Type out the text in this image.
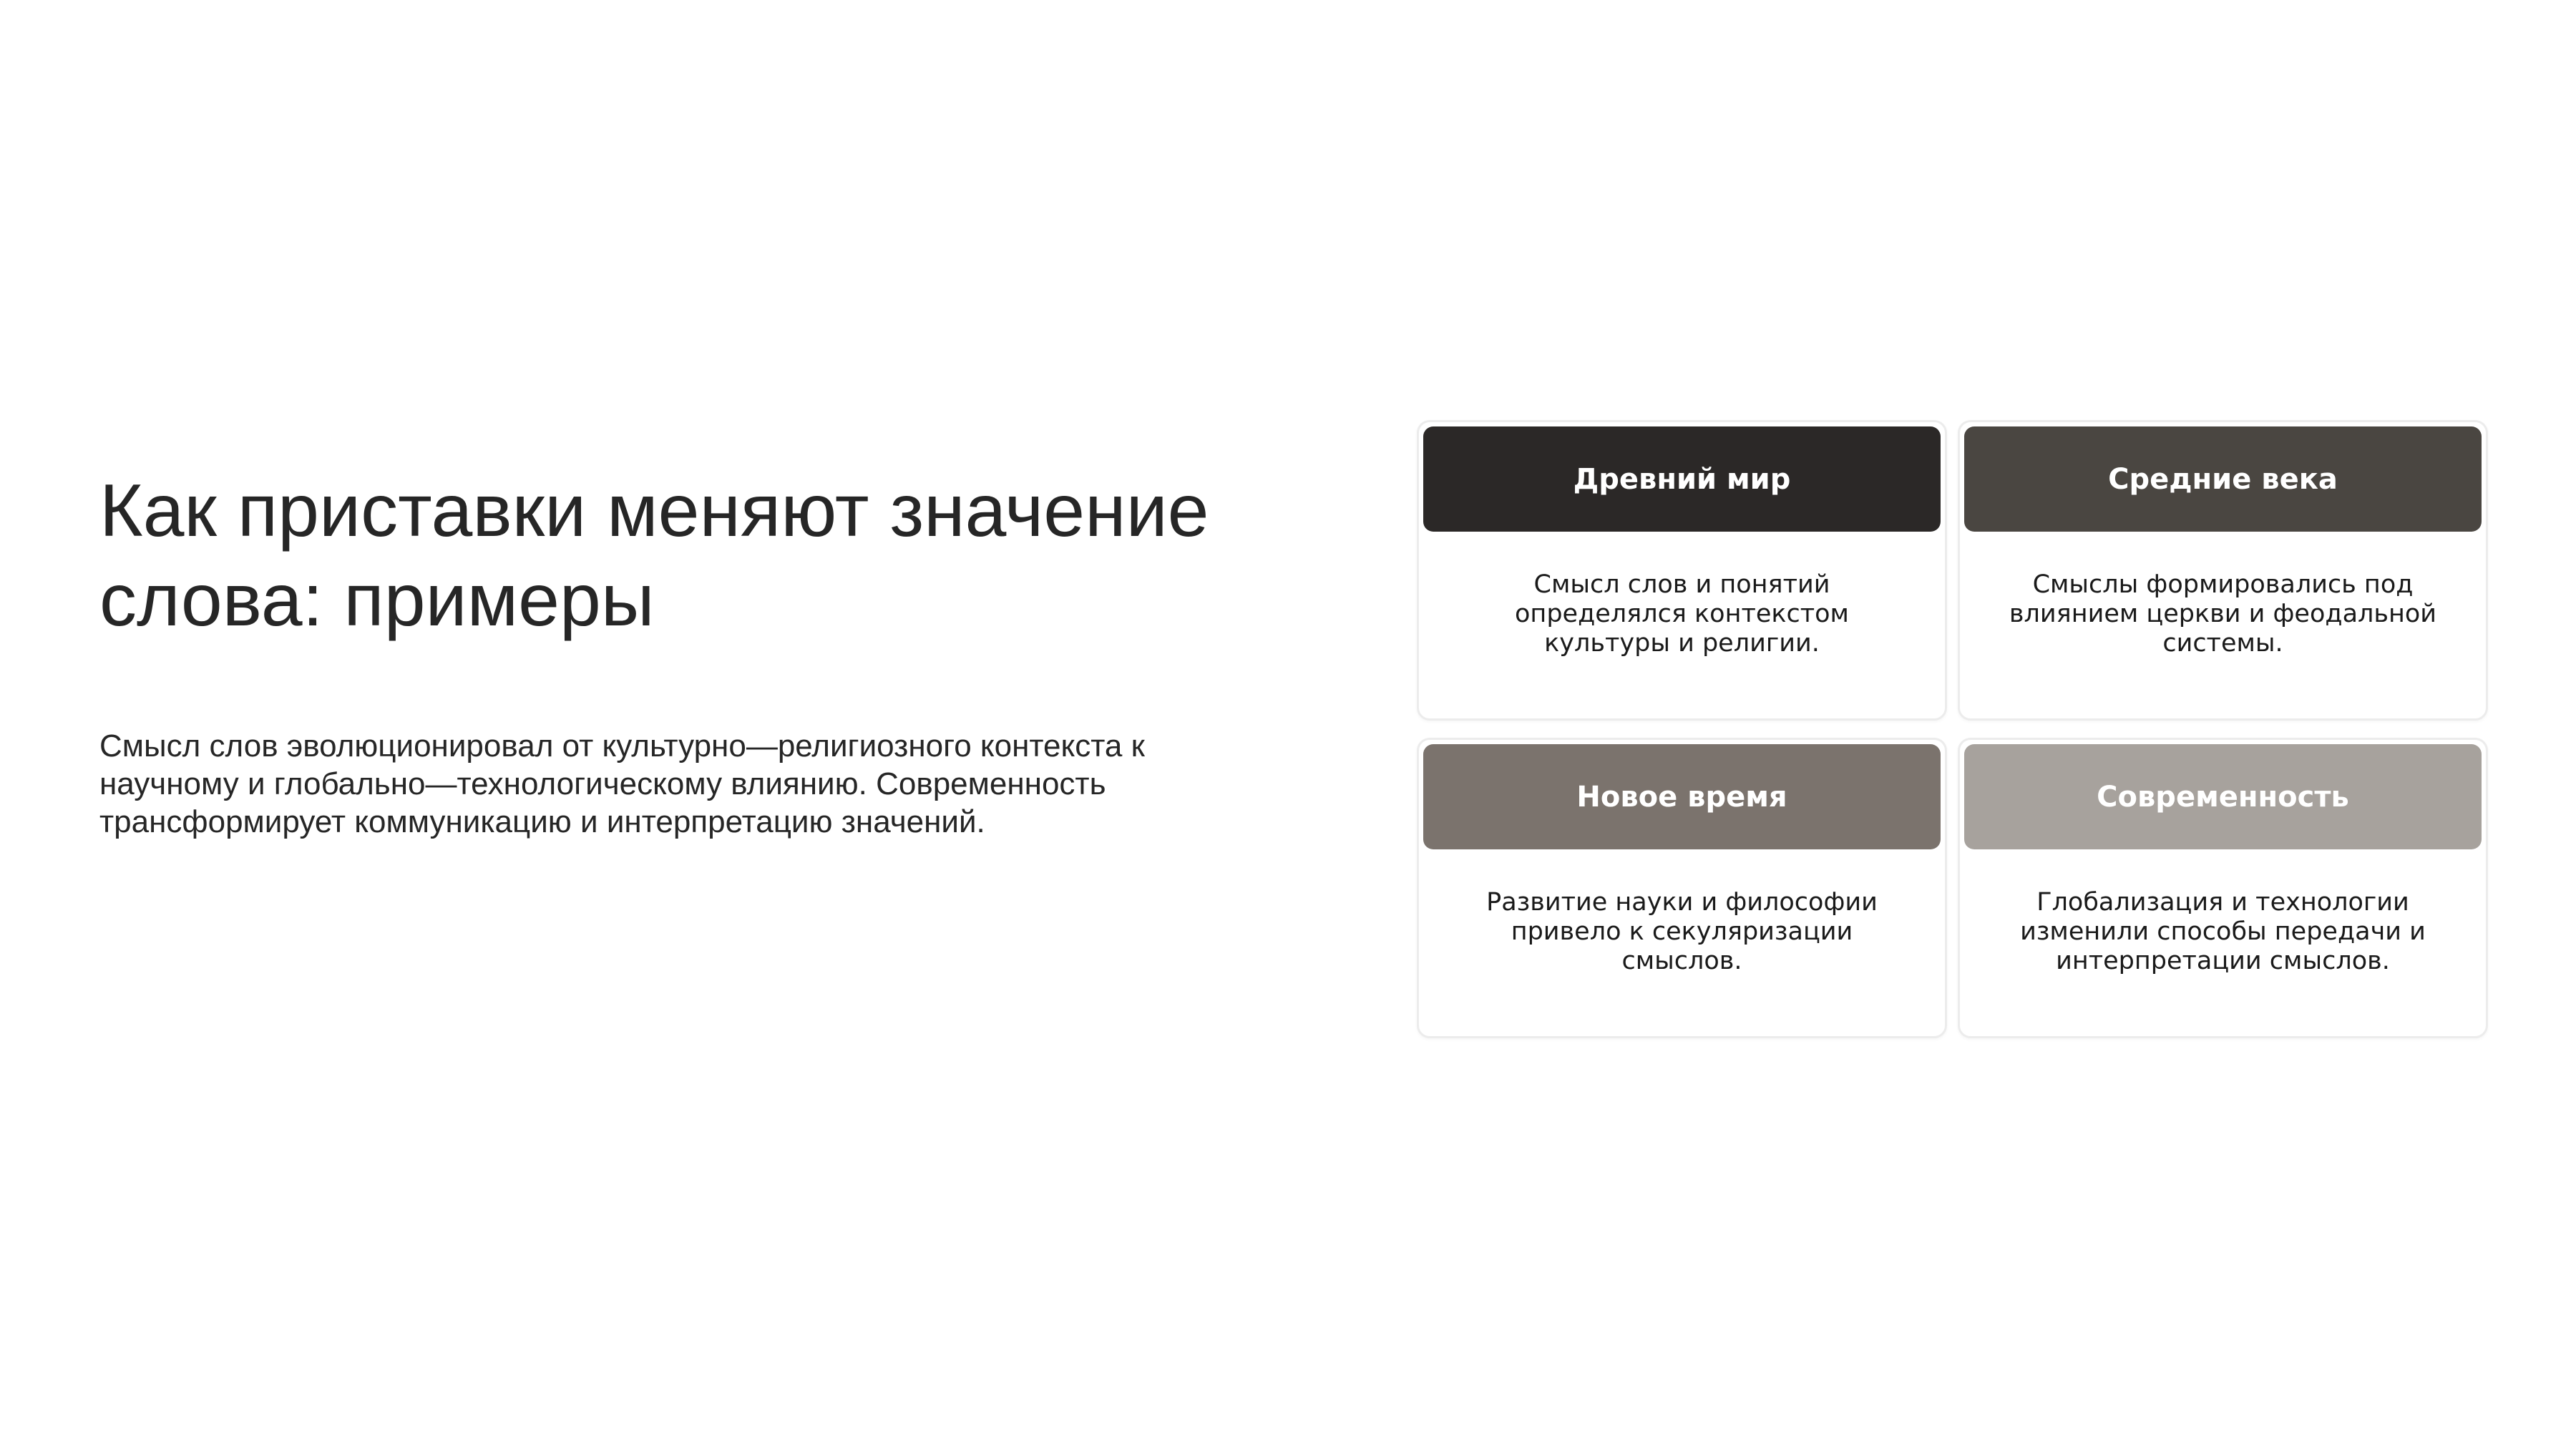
Как приставки меняют значение слова: примеры

Смысл слов эволюционировал от культурно—религиозного контекста к научному и глобально—технологическому влиянию. Современность трансформирует коммуникацию и интерпретацию значений.

Древний мир
Смысл слов и понятий определялся контекстом культуры и религии.
Средние века
Смыслы формировались под влиянием церкви и феодальной системы.
Новое время
Развитие науки и философии привело к секуляризации смыслов.
Современность
Глобализация и технологии изменили способы передачи и интерпретации смыслов.
